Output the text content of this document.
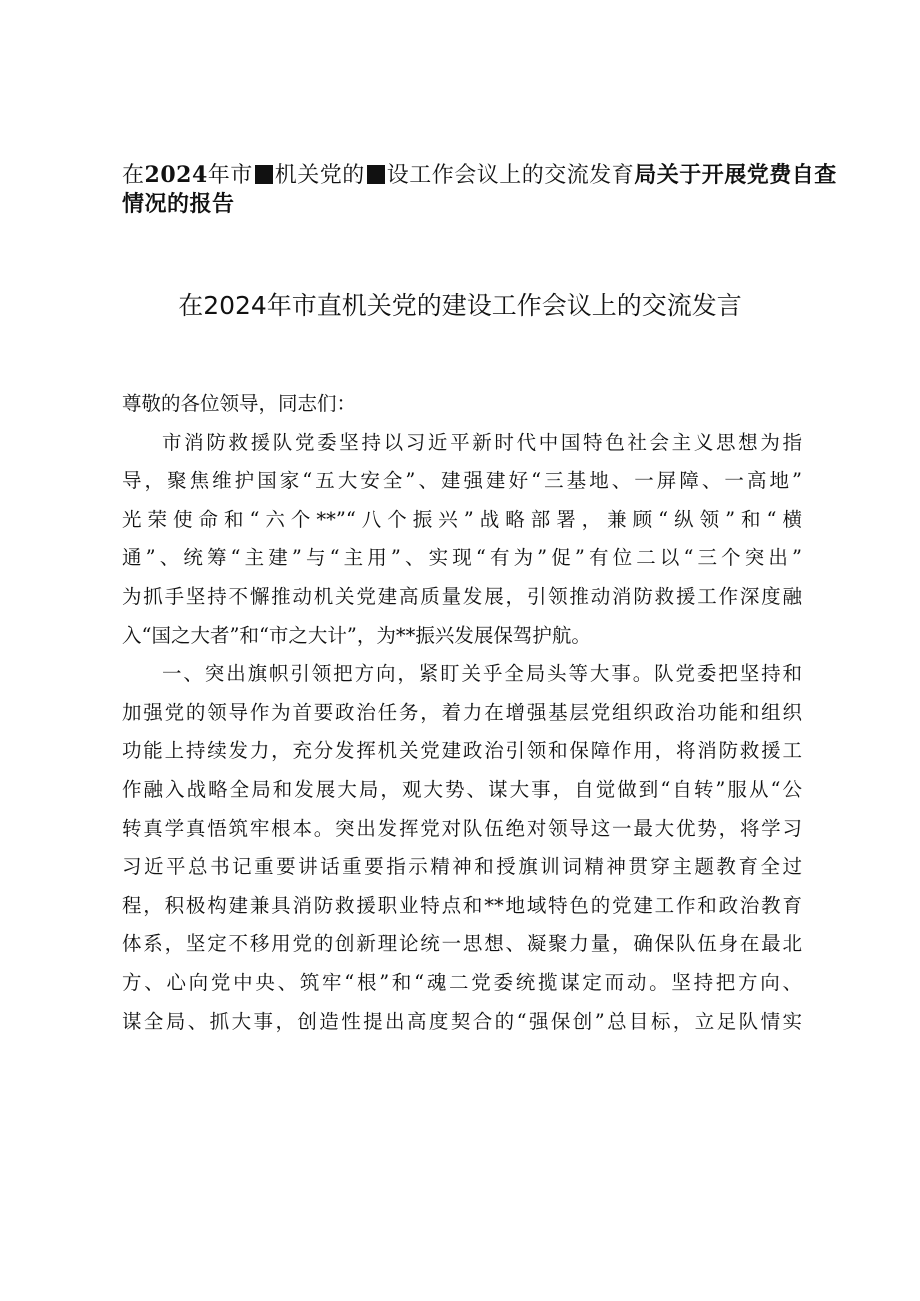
在2024年市 机关党的 设工作会议上的交流发育局关于开展党费自查
情况的报告
在2024年市直机关党的建设工作会议上的交流发言
尊敬的各位领导，同志们：
市消防救援队党委坚持以习近平新时代中国特色社会主义思想为指
导，聚焦维护国家“五大安全”、建强建好“三基地、一屏障、一高地”
光荣使命和“六个**”“八个振兴”战略部署，兼顾“纵领”和“横
通”、统筹“主建”与“主用”、实现“有为”促”有位二以“三个突出”
为抓手坚持不懈推动机关党建高质量发展，引领推动消防救援工作深度融
入“国之大者”和“市之大计”，为**振兴发展保驾护航。
一、突出旗帜引领把方向，紧盯关乎全局头等大事。队党委把坚持和
加强党的领导作为首要政治任务，着力在增强基层党组织政治功能和组织
功能上持续发力，充分发挥机关党建政治引领和保障作用，将消防救援工
作融入战略全局和发展大局，观大势、谋大事，自觉做到“自转”服从“公
转真学真悟筑牢根本。突出发挥党对队伍绝对领导这一最大优势，将学习
习近平总书记重要讲话重要指示精神和授旗训词精神贯穿主题教育全过
程，积极构建兼具消防救援职业特点和**地域特色的党建工作和政治教育
体系，坚定不移用党的创新理论统一思想、凝聚力量，确保队伍身在最北
方、心向党中央、筑牢“根”和“魂二党委统揽谋定而动。坚持把方向、
谋全局、抓大事，创造性提出高度契合的“强保创”总目标，立足队情实
